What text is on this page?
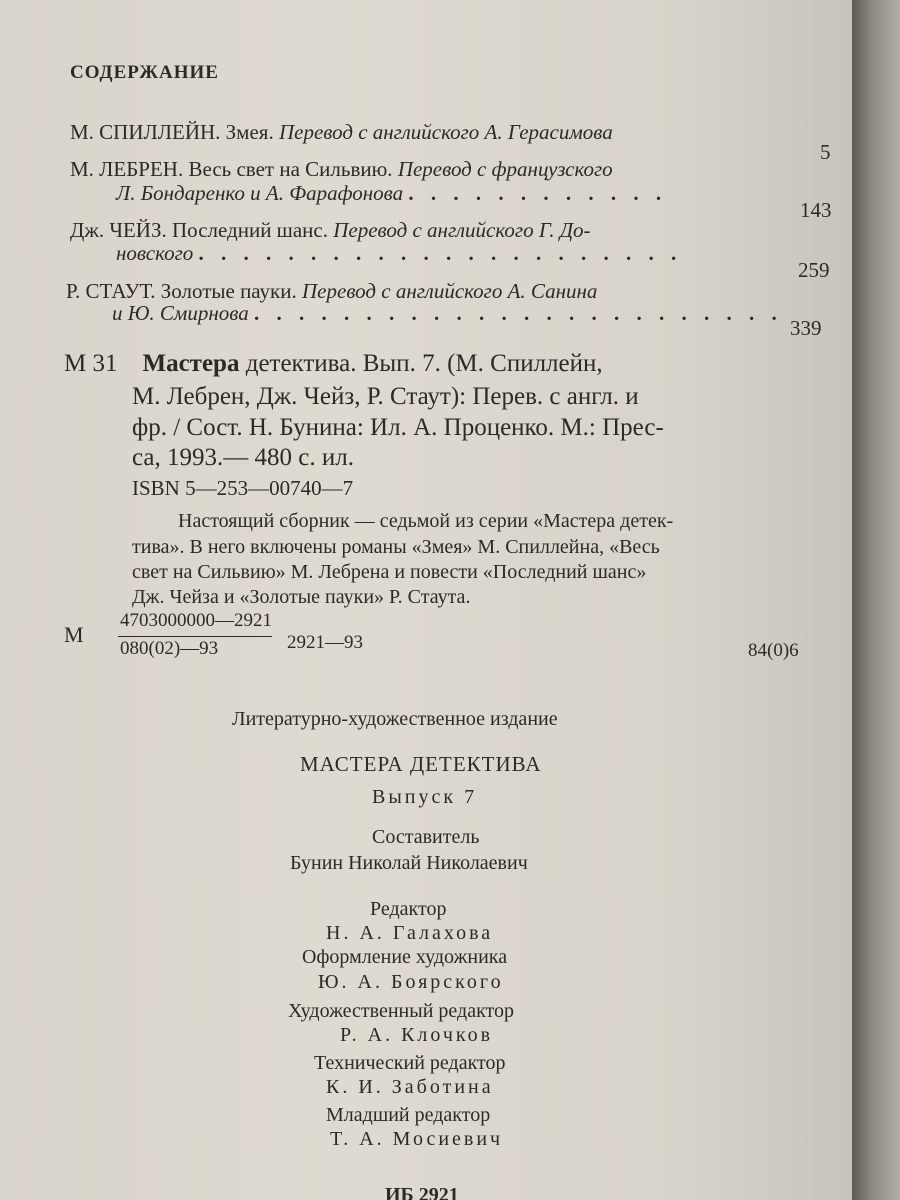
СОДЕРЖАНИЕ
М. СПИЛЛЕЙН. Змея. Перевод с английского А. Герасимова
5
М. ЛЕБРЕН. Весь свет на Сильвию. Перевод с французского
Л. Бондаренко и А. Фарафонова . . . . . . . . . . . .
143
Дж. ЧЕЙЗ. Последний шанс. Перевод с английского Г. До-
новского . . . . . . . . . . . . . . . . . . . . . .
259
Р. СТАУТ. Золотые пауки. Перевод с английского А. Санина
и Ю. Смирнова . . . . . . . . . . . . . . . . . . . . . . . .
339
М 31 Мастера детектива. Вып. 7. (М. Спиллейн,
М. Лебрен, Дж. Чейз, Р. Стаут): Перев. с англ. и
фр. / Сост. Н. Бунина: Ил. А. Проценко. М.: Прес-
са, 1993.— 480 с. ил.
ISBN 5—253—00740—7
Настоящий сборник — седьмой из серии «Мастера детек-
тива». В него включены романы «Змея» М. Спиллейна, «Весь
свет на Сильвию» М. Лебрена и повести «Последний шанс»
Дж. Чейза и «Золотые пауки» Р. Стаута.
М
4703000000—2921
080(02)—93	2921—93	84(0)6
Литературно-художественное издание
МАСТЕРА ДЕТЕКТИВА
Выпуск 7
Составитель
Бунин Николай Николаевич
Редактор
Н. А. Галахова
Оформление художника
Ю. А. Боярского
Художественный редактор
Р. А. Клочков
Технический редактор
К. И. Заботина
Младший редактор
Т. А. Мосиевич
ИБ 2921
